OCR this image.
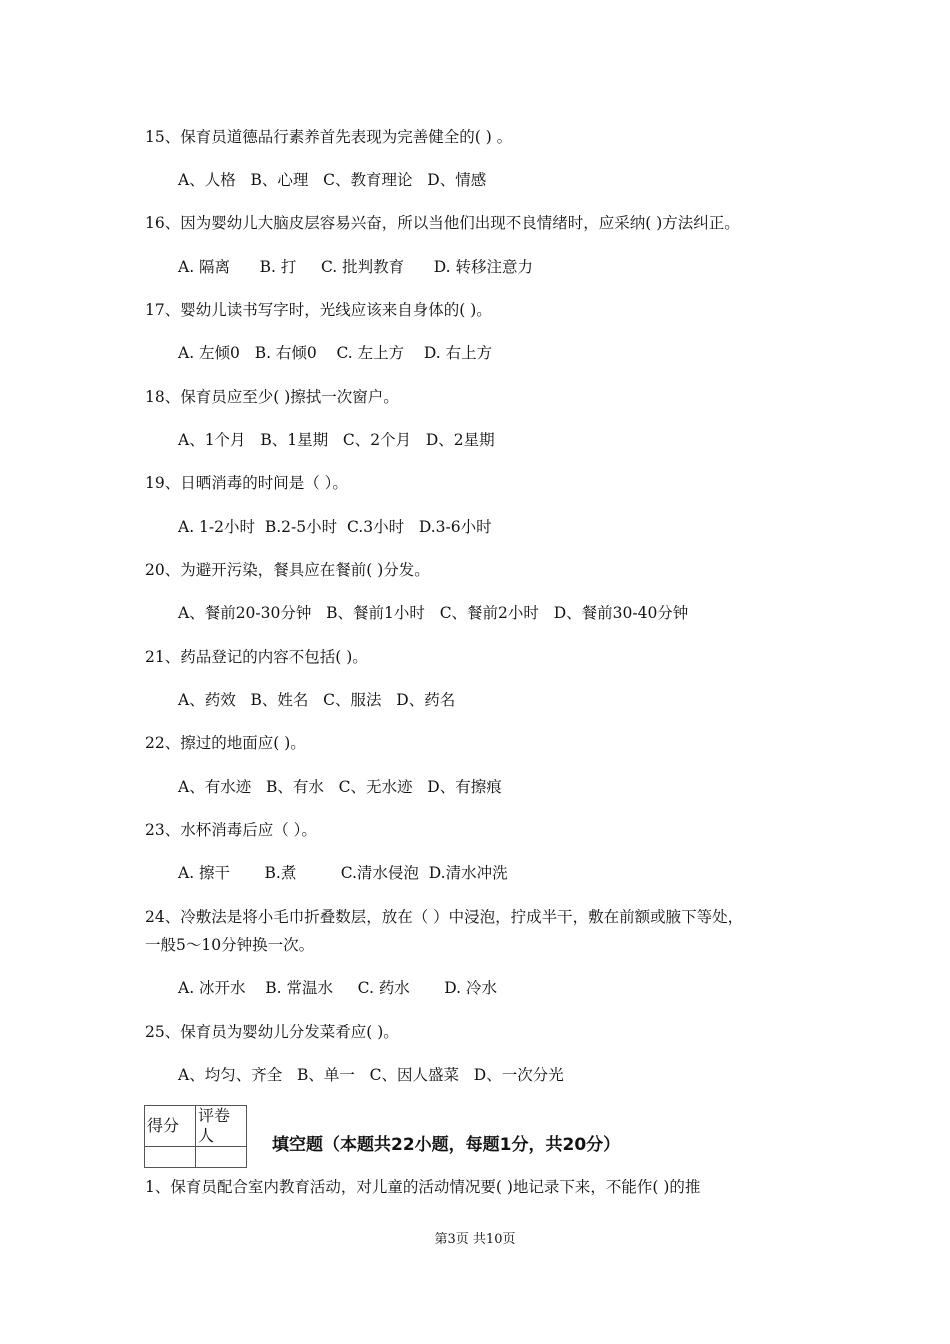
15、保育员道德品行素养首先表现为完善健全的( ) 。
A、人格   B、心理   C、教育理论   D、情感
16、因为婴幼儿大脑皮层容易兴奋，所以当他们出现不良情绪时，应采纳( )方法纠正。
A. 隔离      B. 打     C. 批判教育      D. 转移注意力
17、婴幼儿读书写字时，光线应该来自身体的( )。
A. 左倾0   B. 右倾0    C. 左上方    D. 右上方
18、保育员应至少( )擦拭一次窗户。
A、1个月   B、1星期   C、2个月   D、2星期
19、日晒消毒的时间是（ ）。
A. 1-2小时  B.2-5小时  C.3小时   D.3-6小时
20、为避开污染，餐具应在餐前( )分发。
A、餐前20-30分钟   B、餐前1小时   C、餐前2小时   D、餐前30-40分钟
21、药品登记的内容不包括( )。
A、药效   B、姓名   C、服法   D、药名
22、擦过的地面应( )。
A、有水迹   B、有水   C、无水迹   D、有擦痕
23、水杯消毒后应（ ）。
A. 擦干       B.煮         C.清水侵泡  D.清水冲洗
24、冷敷法是将小毛巾折叠数层，放在（ ）中浸泡，拧成半干，敷在前额或腋下等处，
一般5～10分钟换一次。
A. 冰开水    B. 常温水     C. 药水       D. 冷水
25、保育员为婴幼儿分发菜肴应( )。
A、均匀、齐全   B、单一   C、因人盛菜   D、一次分光
得分	评卷人
		填空题（本题共22小题，每题1分，共20分）
1、保育员配合室内教育活动，对儿童的活动情况要( )地记录下来，不能作( )的推
第3页 共10页
